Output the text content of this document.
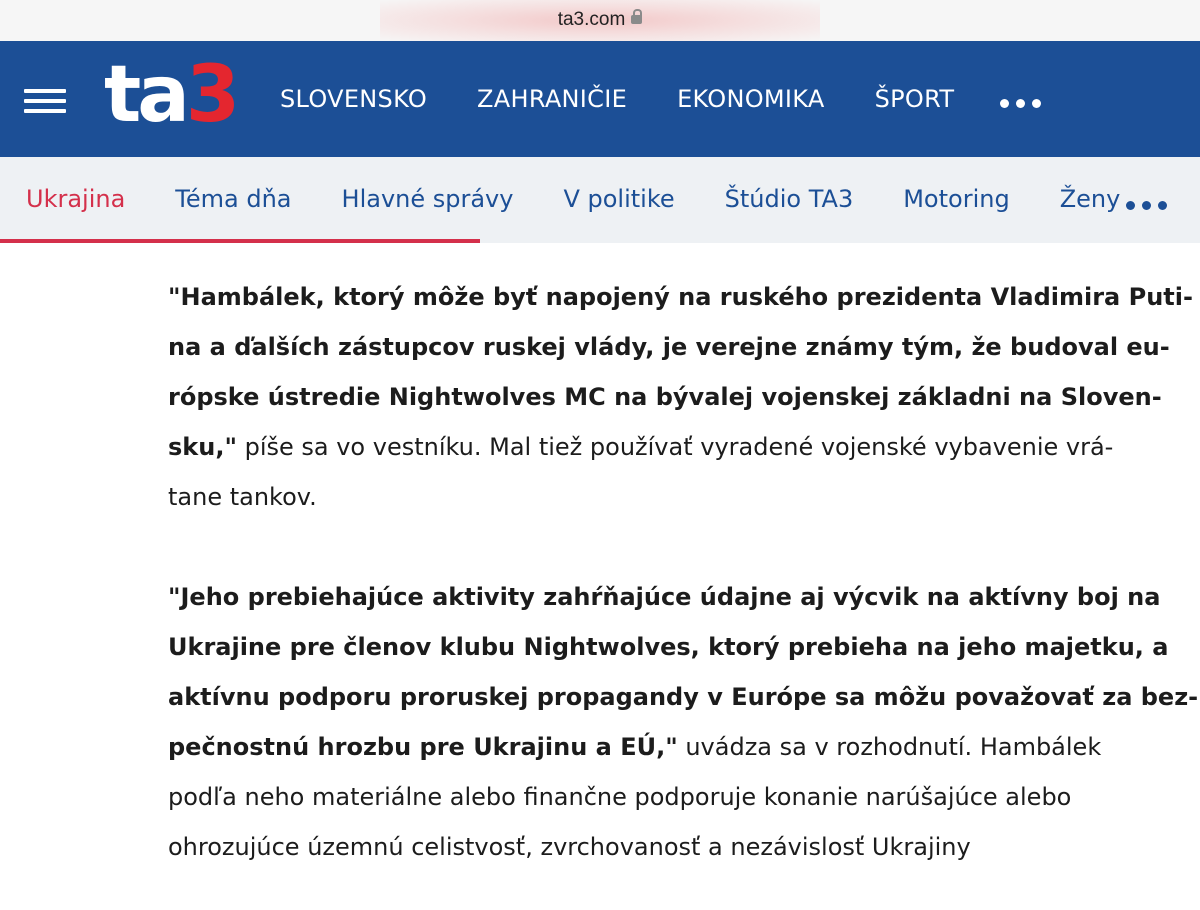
ta3.com
ta3 SLOVENSKO ZAHRANIČIE EKONOMIKA ŠPORT
Ukrajina Téma dňa Hlavné správy V politike Štúdio TA3 Motoring Ženy
"Hambálek, ktorý môže byť napojený na ruského prezidenta Vladimira Puti-
na a ďalších zástupcov ruskej vlády, je verejne známy tým, že budoval eu-
rópske ústredie Nightwolves MC na bývalej vojenskej základni na Sloven-
sku," píše sa vo vestníku. Mal tiež používať vyradené vojenské vybavenie vrá-
tane tankov.
"Jeho prebiehajúce aktivity zahŕňajúce údajne aj výcvik na aktívny boj na
Ukrajine pre členov klubu Nightwolves, ktorý prebieha na jeho majetku, a
aktívnu podporu proruskej propagandy v Európe sa môžu považovať za bez-
pečnostnú hrozbu pre Ukrajinu a EÚ," uvádza sa v rozhodnutí. Hambálek
podľa neho materiálne alebo finančne podporuje konanie narúšajúce alebo
ohrozujúce územnú celistvosť, zvrchovanosť a nezávislosť Ukrajiny
